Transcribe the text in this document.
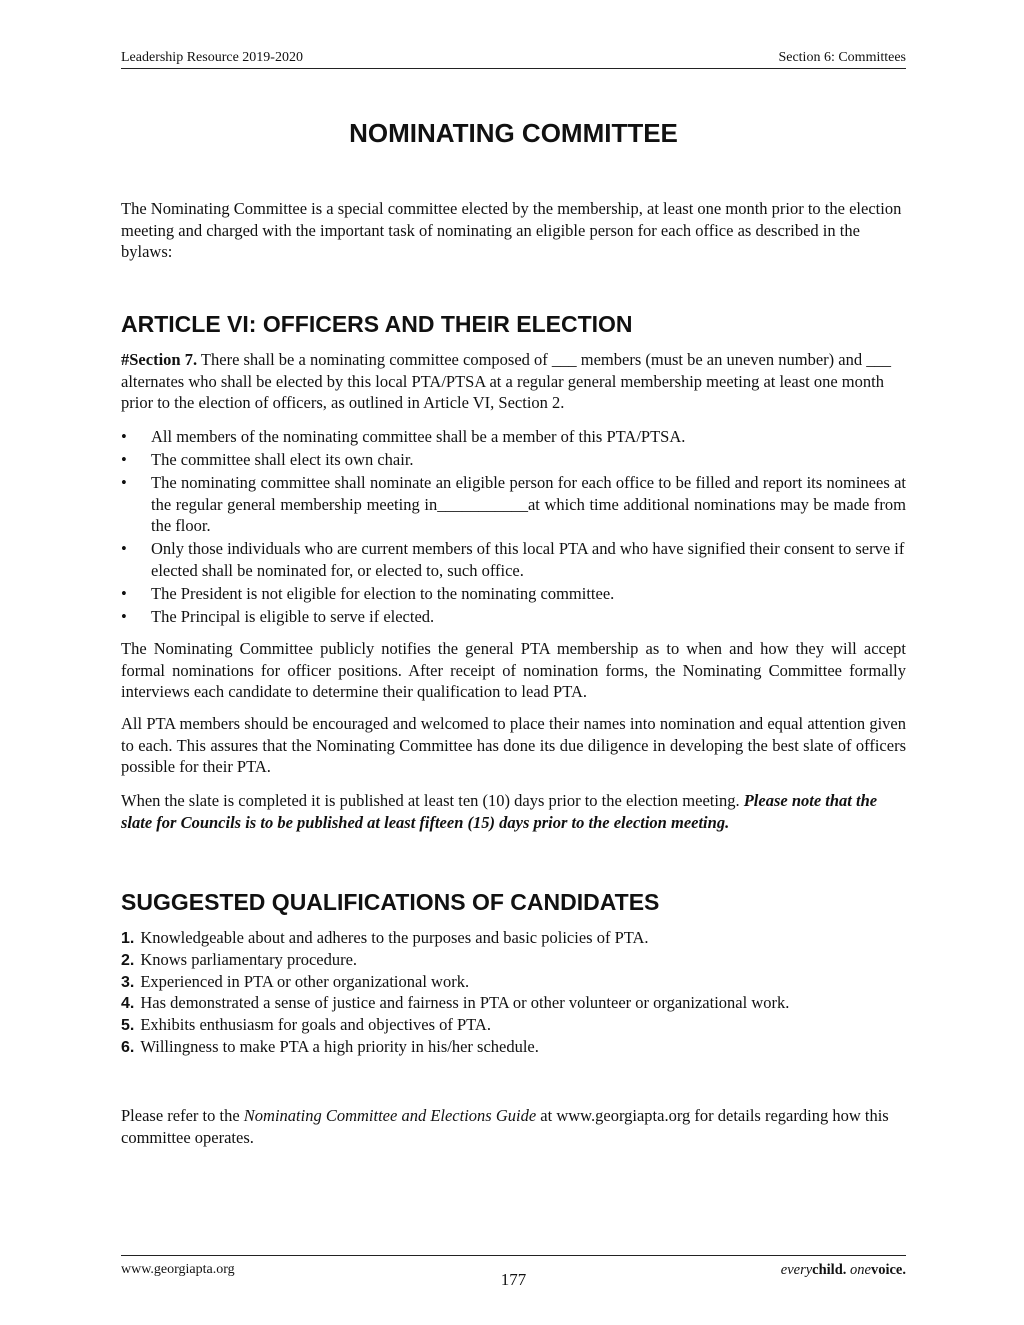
Leadership Resource 2019-2020	Section 6: Committees
NOMINATING COMMITTEE

The Nominating Committee is a special committee elected by the membership, at least one month prior to the election meeting and charged with the important task of nominating an eligible person for each office as described in the bylaws:

ARTICLE VI: OFFICERS AND THEIR ELECTION

#Section 7. There shall be a nominating committee composed of ___ members (must be an uneven number) and ___ alternates who shall be elected by this local PTA/PTSA at a regular general membership meeting at least one month prior to the election of officers, as outlined in Article VI, Section 2.

• All members of the nominating committee shall be a member of this PTA/PTSA.
• The committee shall elect its own chair.
• The nominating committee shall nominate an eligible person for each office to be filled and report its nominees at the regular general membership meeting in___________at which time additional nominations may be made from the floor.
• Only those individuals who are current members of this local PTA and who have signified their consent to serve if elected shall be nominated for, or elected to, such office.
• The President is not eligible for election to the nominating committee.
• The Principal is eligible to serve if elected.

The Nominating Committee publicly notifies the general PTA membership as to when and how they will accept formal nominations for officer positions. After receipt of nomination forms, the Nominating Committee formally interviews each candidate to determine their qualification to lead PTA.

All PTA members should be encouraged and welcomed to place their names into nomination and equal attention given to each. This assures that the Nominating Committee has done its due diligence in developing the best slate of officers possible for their PTA.

When the slate is completed it is published at least ten (10) days prior to the election meeting. Please note that the slate for Councils is to be published at least fifteen (15) days prior to the election meeting.

SUGGESTED QUALIFICATIONS OF CANDIDATES
1. Knowledgeable about and adheres to the purposes and basic policies of PTA.
2. Knows parliamentary procedure.
3. Experienced in PTA or other organizational work.
4. Has demonstrated a sense of justice and fairness in PTA or other volunteer or organizational work.
5. Exhibits enthusiasm for goals and objectives of PTA.
6. Willingness to make PTA a high priority in his/her schedule.

Please refer to the Nominating Committee and Elections Guide at www.georgiapta.org for details regarding how this committee operates.

www.georgiapta.org
177	everychild. onevoice.
